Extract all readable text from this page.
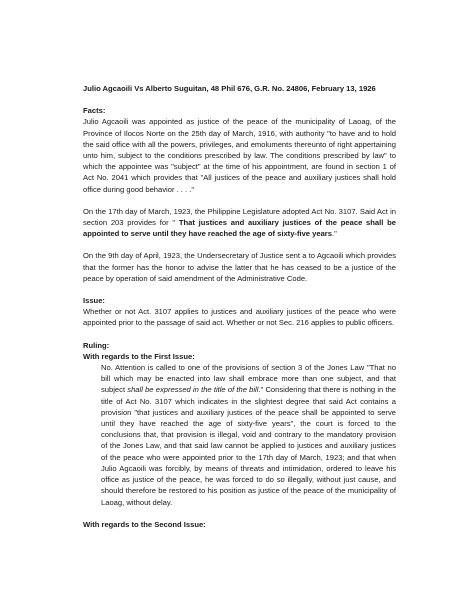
Julio Agcaoili Vs Alberto Suguitan, 48 Phil 676, G.R. No. 24806, February 13, 1926
Facts:

Julio Agcaoili was appointed as justice of the peace of the municipality of Laoag, of the Province of Ilocos Norte on the 25th day of March, 1916, with authority "to have and to hold the said office with all the powers, privileges, and emoluments thereunto of right appertaining unto him, subject to the conditions prescribed by law. The conditions prescribed by law" to which the appointee was "subject" at the time of his appointment, are found in section 1 of Act No. 2041 which provides that "All justices of the peace and auxiliary justices shall hold office during good behavior . . . ."

On the 17th day of March, 1923, the Philippine Legislature adopted Act No. 3107. Said Act in section 203 provides for " That justices and auxiliary justices of the peace shall be appointed to serve until they have reached the age of sixty-five years."

On the 9th day of April, 1923, the Undersecretary of Justice sent a to Agcaoili which provides that the former has the honor to advise the latter that he has ceased to be a justice of the peace by operation of said amendment of the Administrative Code.

Issue:

Whether or not Act. 3107 applies to justices and auxiliary justices of the peace who were appointed prior to the passage of said act. Whether or not Sec. 216 applies to public officers.

Ruling:
With regards to the First Issue:
No. Attention is called to one of the provisions of section 3 of the Jones Law "That no bill which may be enacted into law shall embrace more than one subject, and that subject shall be expressed in the title of the bill." Considering that there is nothing in the title of Act No. 3107 which indicates in the slightest degree that said Act contains a provision "that justices and auxiliary justices of the peace shall be appointed to serve until they have reached the age of sixty-five years", the court is forced to the conclusions that, that provision is illegal, void and contrary to the mandatory provision of the Jones Law, and that said law cannot be applied to justices and auxiliary justices of the peace who were appointed prior to the 17th day of March, 1923; and that when Julio Agcaoili was forcibly, by means of threats and intimidation, ordered to leave his office as justice of the peace, he was forced to do so illegally, without just cause, and should therefore be restored to his position as justice of the peace of the municipality of Laoag, without delay.
With regards to the Second Issue:
